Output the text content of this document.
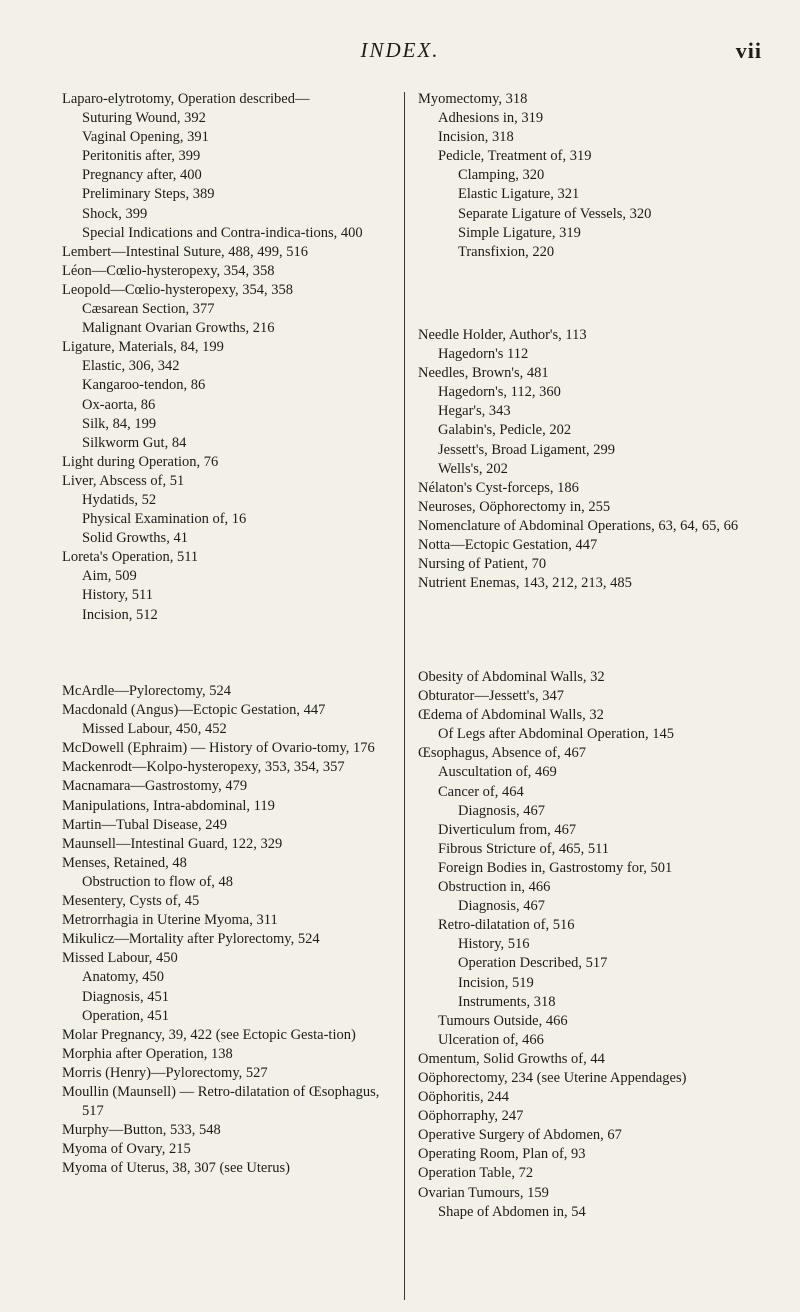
INDEX.	vii

Laparo-elytrotomy, Operation described—

Suturing Wound, 392

Vaginal Opening, 391

Peritonitis after, 399

Pregnancy after, 400

Preliminary Steps, 389

Shock, 399

Special Indications and Contra-indica-tions, 400

Lembert—Intestinal Suture, 488, 499, 516

Léon—Cœlio-hysteropexy, 354, 358

Leopold—Cœlio-hysteropexy, 354, 358

Cæsarean Section, 377

Malignant Ovarian Growths, 216

Ligature, Materials, 84, 199

Elastic, 306, 342

Kangaroo-tendon, 86

Ox-aorta, 86

Silk, 84, 199

Silkworm Gut, 84

Light during Operation, 76

Liver, Abscess of, 51

Hydatids, 52

Physical Examination of, 16

Solid Growths, 41

Loreta's Operation, 511

Aim, 509

History, 511

Incision, 512

McArdle—Pylorectomy, 524

Macdonald (Angus)—Ectopic Gestation, 447

Missed Labour, 450, 452

McDowell (Ephraim) — History of Ovario-tomy, 176

Mackenrodt—Kolpo-hysteropexy, 353, 354, 357

Macnamara—Gastrostomy, 479

Manipulations, Intra-abdominal, 119

Martin—Tubal Disease, 249

Maunsell—Intestinal Guard, 122, 329

Menses, Retained, 48

Obstruction to flow of, 48

Mesentery, Cysts of, 45

Metrorrhagia in Uterine Myoma, 311

Mikulicz—Mortality after Pylorectomy, 524

Missed Labour, 450

Anatomy, 450

Diagnosis, 451

Operation, 451

Molar Pregnancy, 39, 422 (see Ectopic Gesta-tion)

Morphia after Operation, 138

Morris (Henry)—Pylorectomy, 527

Moullin (Maunsell) — Retro-dilatation of Œsophagus, 517

Murphy—Button, 533, 548

Myoma of Ovary, 215

Myoma of Uterus, 38, 307 (see Uterus)

Myomectomy, 318

Adhesions in, 319

Incision, 318

Pedicle, Treatment of, 319

Clamping, 320

Elastic Ligature, 321

Separate Ligature of Vessels, 320

Simple Ligature, 319

Transfixion, 220

Needle Holder, Author's, 113

Hagedorn's 112

Needles, Brown's, 481

Hagedorn's, 112, 360

Hegar's, 343

Galabin's, Pedicle, 202

Jessett's, Broad Ligament, 299

Wells's, 202

Nélaton's Cyst-forceps, 186

Neuroses, Oöphorectomy in, 255

Nomenclature of Abdominal Operations, 63, 64, 65, 66

Notta—Ectopic Gestation, 447

Nursing of Patient, 70

Nutrient Enemas, 143, 212, 213, 485

Obesity of Abdominal Walls, 32

Obturator—Jessett's, 347

Œdema of Abdominal Walls, 32

Of Legs after Abdominal Operation, 145

Œsophagus, Absence of, 467

Auscultation of, 469

Cancer of, 464

Diagnosis, 467

Diverticulum from, 467

Fibrous Stricture of, 465, 511

Foreign Bodies in, Gastrostomy for, 501

Obstruction in, 466

Diagnosis, 467

Retro-dilatation of, 516

History, 516

Operation Described, 517

Incision, 519

Instruments, 318

Tumours Outside, 466

Ulceration of, 466

Omentum, Solid Growths of, 44

Oöphorectomy, 234 (see Uterine Appendages)

Oöphoritis, 244

Oöphorraphy, 247

Operative Surgery of Abdomen, 67

Operating Room, Plan of, 93

Operation Table, 72

Ovarian Tumours, 159

Shape of Abdomen in, 54
